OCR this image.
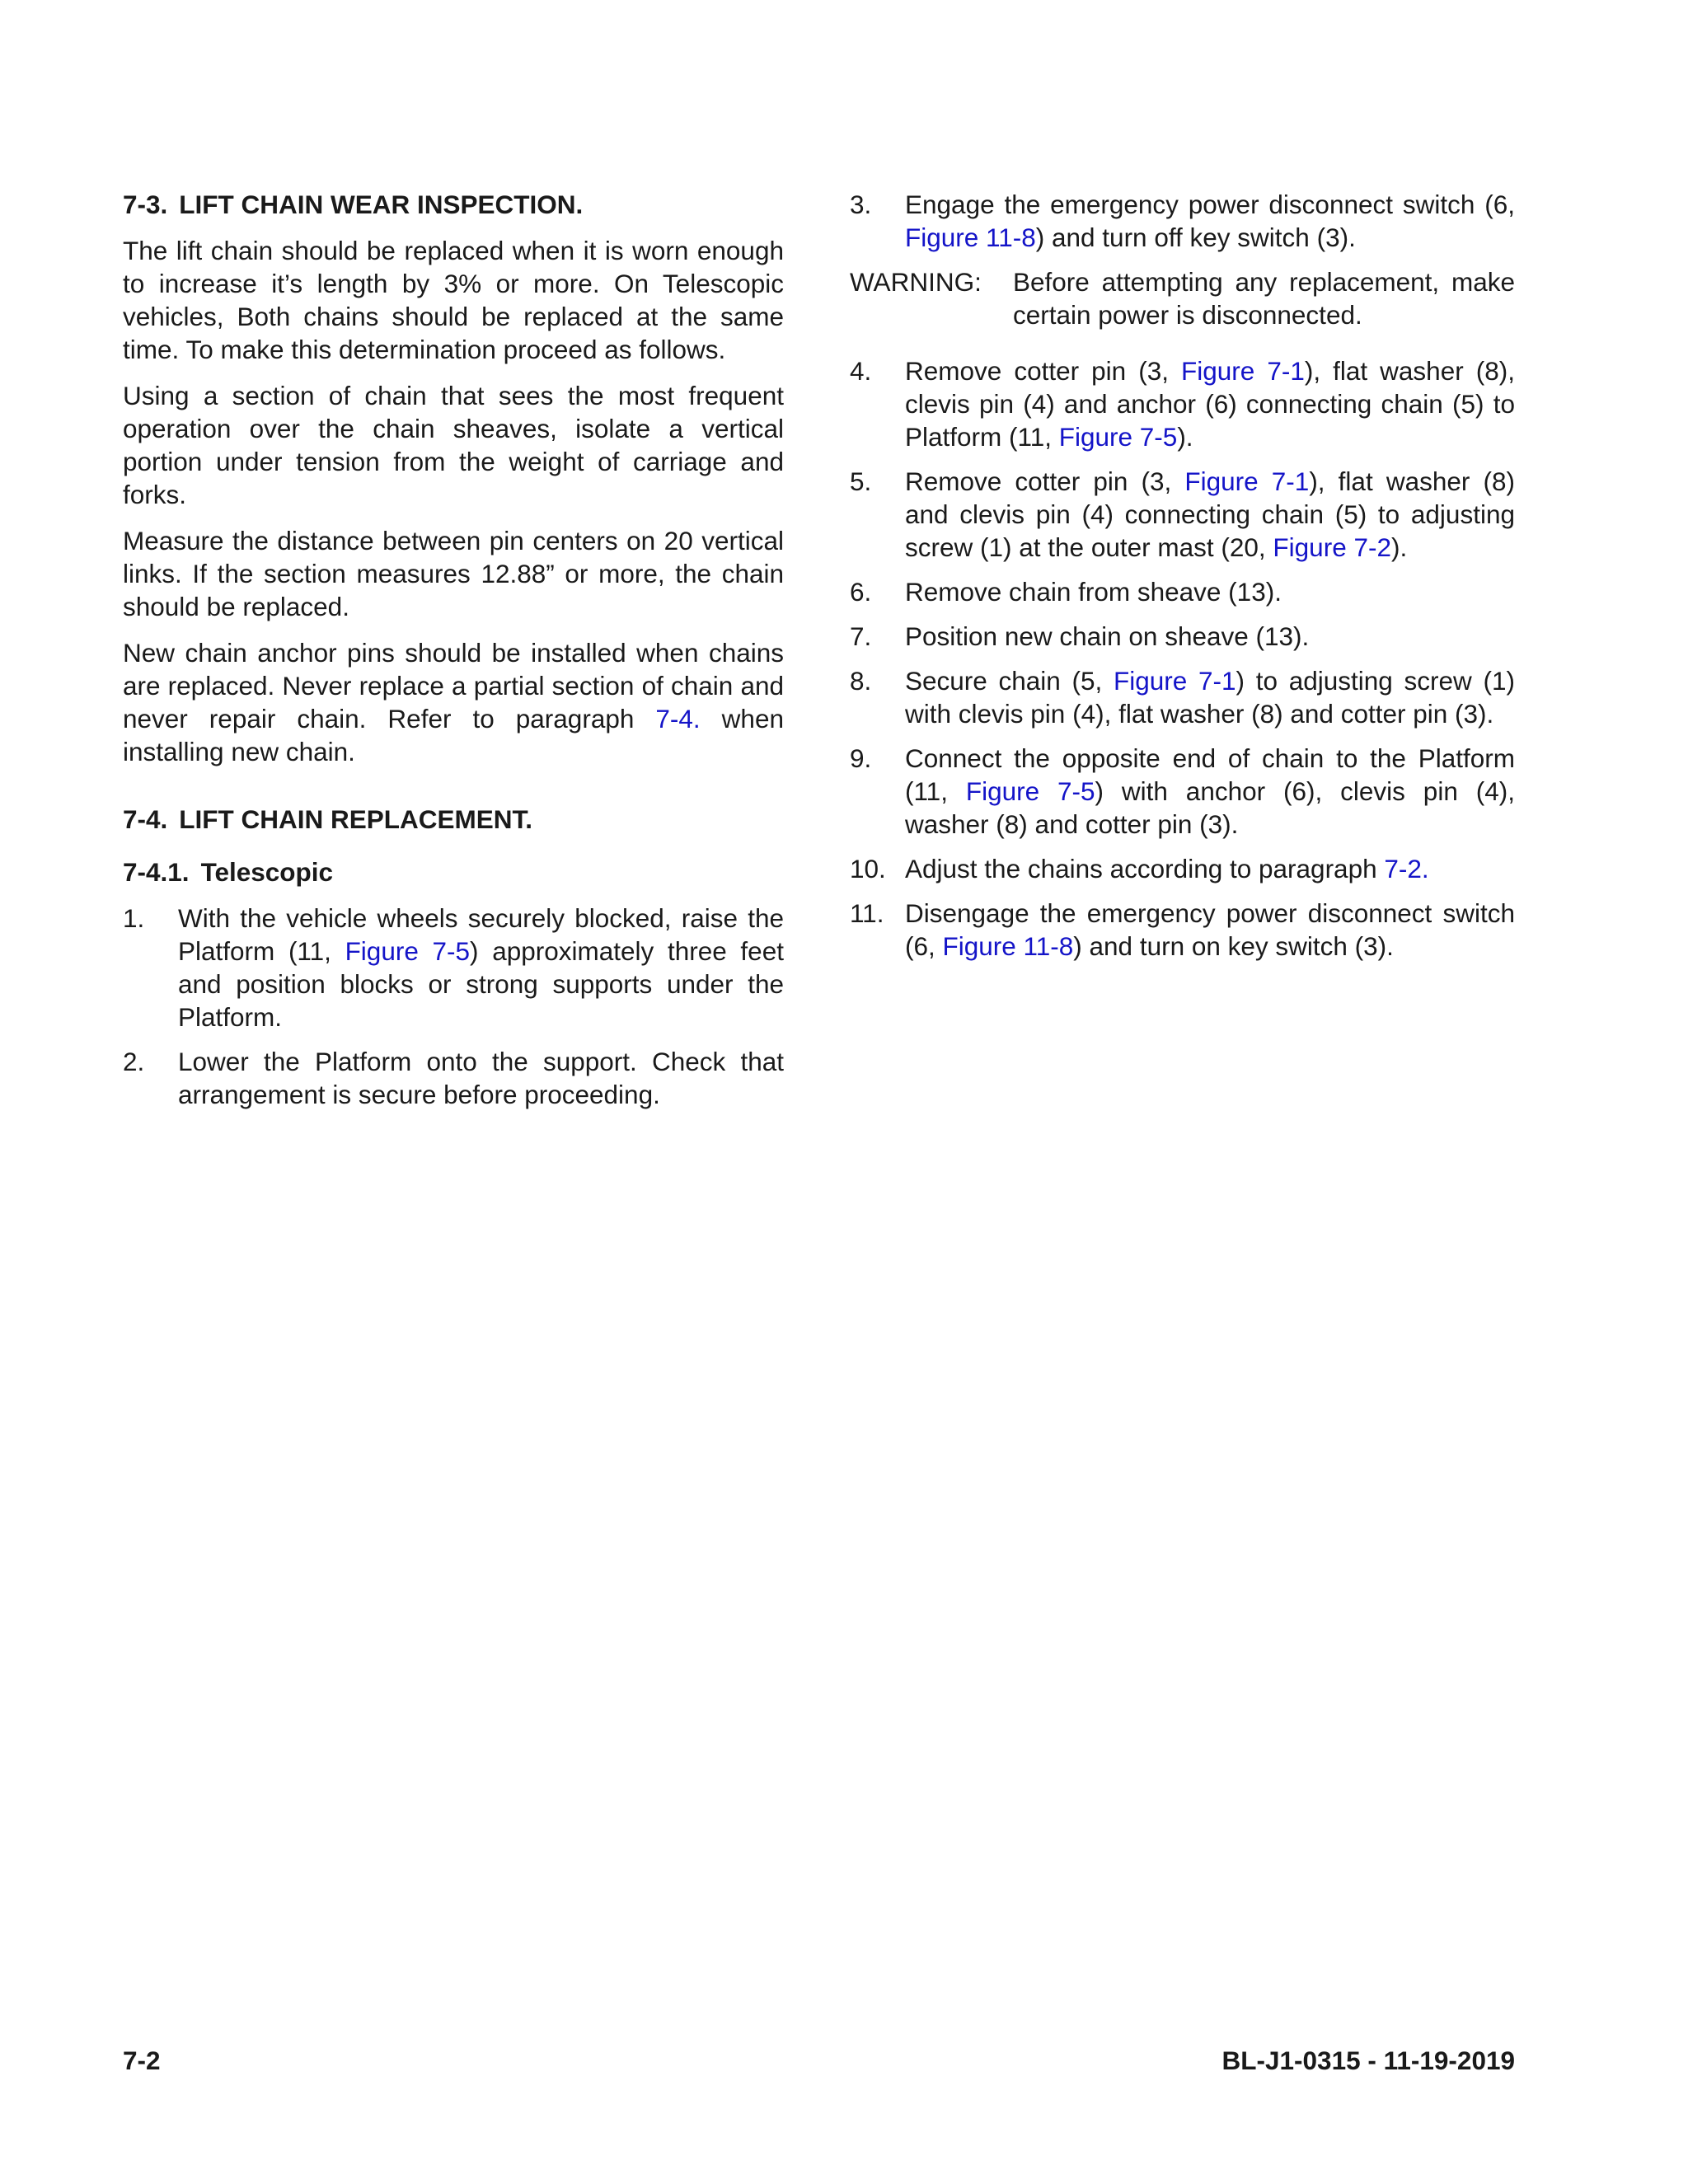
7-3. LIFT CHAIN WEAR INSPECTION.

The lift chain should be replaced when it is worn enough to increase it’s length by 3% or more. On Telescopic vehicles, Both chains should be replaced at the same time. To make this determination proceed as follows.

Using a section of chain that sees the most frequent operation over the chain sheaves, isolate a vertical portion under tension from the weight of carriage and forks.

Measure the distance between pin centers on 20 vertical links. If the section measures 12.88” or more, the chain should be replaced.

New chain anchor pins should be installed when chains are replaced. Never replace a partial section of chain and never repair chain. Refer to paragraph 7-4. when installing new chain.

7-4. LIFT CHAIN REPLACEMENT.
7-4.1. Telescopic
1.	With the vehicle wheels securely blocked, raise the Platform (11, Figure 7-5) approximately three feet and position blocks or strong supports under the Platform.
2.	Lower the Platform onto the support. Check that arrangement is secure before proceeding.
3.	Engage the emergency power disconnect switch (6, Figure 11-8) and turn off key switch (3).
WARNING:	Before attempting any replacement, make certain power is disconnected.
4.	Remove cotter pin (3, Figure 7-1), flat washer (8), clevis pin (4) and anchor (6) connecting chain (5) to Platform (11, Figure 7-5).
5.	Remove cotter pin (3, Figure 7-1), flat washer (8) and clevis pin (4) connecting chain (5) to adjusting screw (1) at the outer mast (20, Figure 7-2).
6.	Remove chain from sheave (13).
7.	Position new chain on sheave (13).
8.	Secure chain (5, Figure 7-1) to adjusting screw (1) with clevis pin (4), flat washer (8) and cotter pin (3).
9.	Connect the opposite end of chain to the Platform (11, Figure 7-5) with anchor (6), clevis pin (4), washer (8) and cotter pin (3).
10. Adjust the chains according to paragraph 7-2.
11. Disengage the emergency power disconnect switch (6, Figure 11-8) and turn on key switch (3).
7-2	BL-J1-0315 - 11-19-2019
